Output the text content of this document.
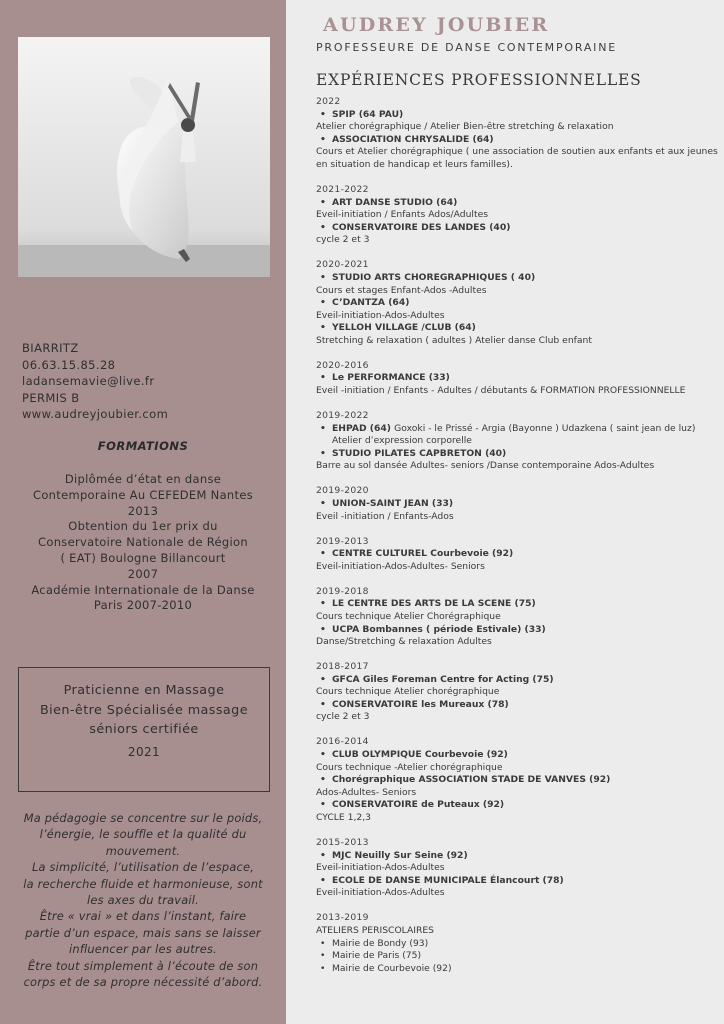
BIARRITZ
06.63.15.85.28
ladansemavie@live.fr
PERMIS B
www.audreyjoubier.com
FORMATIONS
Diplômée d’état en danse
Contemporaine Au CEFEDEM Nantes
2013
Obtention du 1er prix du
Conservatoire Nationale de Région
( EAT) Boulogne Billancourt
2007
Académie Internationale de la Danse
Paris 2007-2010
Praticienne en Massage
Bien-être Spécialisée massage
séniors certifiée
2021
Ma pédagogie se concentre sur le poids,
l’énergie, le souffle et la qualité du
mouvement.
La simplicité, l’utilisation de l’espace,
la recherche fluide et harmonieuse, sont
les axes du travail.
Être « vrai » et dans l’instant, faire
partie d’un espace, mais sans se laisser
influencer par les autres.
Être tout simplement à l’écoute de son
corps et de sa propre nécessité d’abord.
AUDREY JOUBIER
PROFESSEURE DE DANSE CONTEMPORAINE
EXPÉRIENCES PROFESSIONNELLES
2022
• SPIP (64 PAU)
Atelier chorégraphique / Atelier Bien-être stretching & relaxation
• ASSOCIATION CHRYSALIDE (64)
Cours et Atelier chorégraphique ( une association de soutien aux enfants et aux jeunes en situation de handicap et leurs familles).
2021-2022
• ART DANSE STUDIO (64)
Eveil-initiation / Enfants Ados/Adultes
• CONSERVATOIRE DES LANDES (40)
cycle 2 et 3
2020-2021
• STUDIO ARTS CHOREGRAPHIQUES ( 40)
Cours et stages Enfant-Ados -Adultes
• C’DANTZA (64)
Eveil-initiation-Ados-Adultes
• YELLOH VILLAGE /CLUB (64)
Stretching & relaxation ( adultes ) Atelier danse Club enfant
2020-2016
• Le PERFORMANCE (33)
Eveil -initiation / Enfants - Adultes / débutants & FORMATION PROFESSIONNELLE
2019-2022
• EHPAD (64) Goxoki - le Prissé - Argia (Bayonne ) Udazkena ( saint jean de luz) Atelier d’expression corporelle
• STUDIO PILATES CAPBRETON (40)
Barre au sol dansée Adultes- seniors /Danse contemporaine Ados-Adultes
2019-2020
• UNION-SAINT JEAN (33)
Eveil -initiation / Enfants-Ados
2019-2013
• CENTRE CULTUREL Courbevoie (92)
Eveil-initiation-Ados-Adultes- Seniors
2019-2018
• LE CENTRE DES ARTS DE LA SCENE (75)
Cours technique Atelier Chorégraphique
• UCPA Bombannes ( période Estivale) (33)
Danse/Stretching & relaxation Adultes
2018-2017
• GFCA Giles Foreman Centre for Acting (75)
Cours technique Atelier chorégraphique
• CONSERVATOIRE les Mureaux (78)
cycle 2 et 3
2016-2014
• CLUB OLYMPIQUE Courbevoie (92)
Cours technique -Atelier chorégraphique
• Chorégraphique ASSOCIATION STADE DE VANVES (92)
Ados-Adultes- Seniors
• CONSERVATOIRE de Puteaux (92)
CYCLE 1,2,3
2015-2013
• MJC Neuilly Sur Seine (92)
Eveil-initiation-Ados-Adultes
• ECOLE DE DANSE MUNICIPALE Élancourt (78)
Eveil-initiation-Ados-Adultes
2013-2019
ATELIERS PERISCOLAIRES
• Mairie de Bondy (93)
• Mairie de Paris (75)
• Mairie de Courbevoie (92)
